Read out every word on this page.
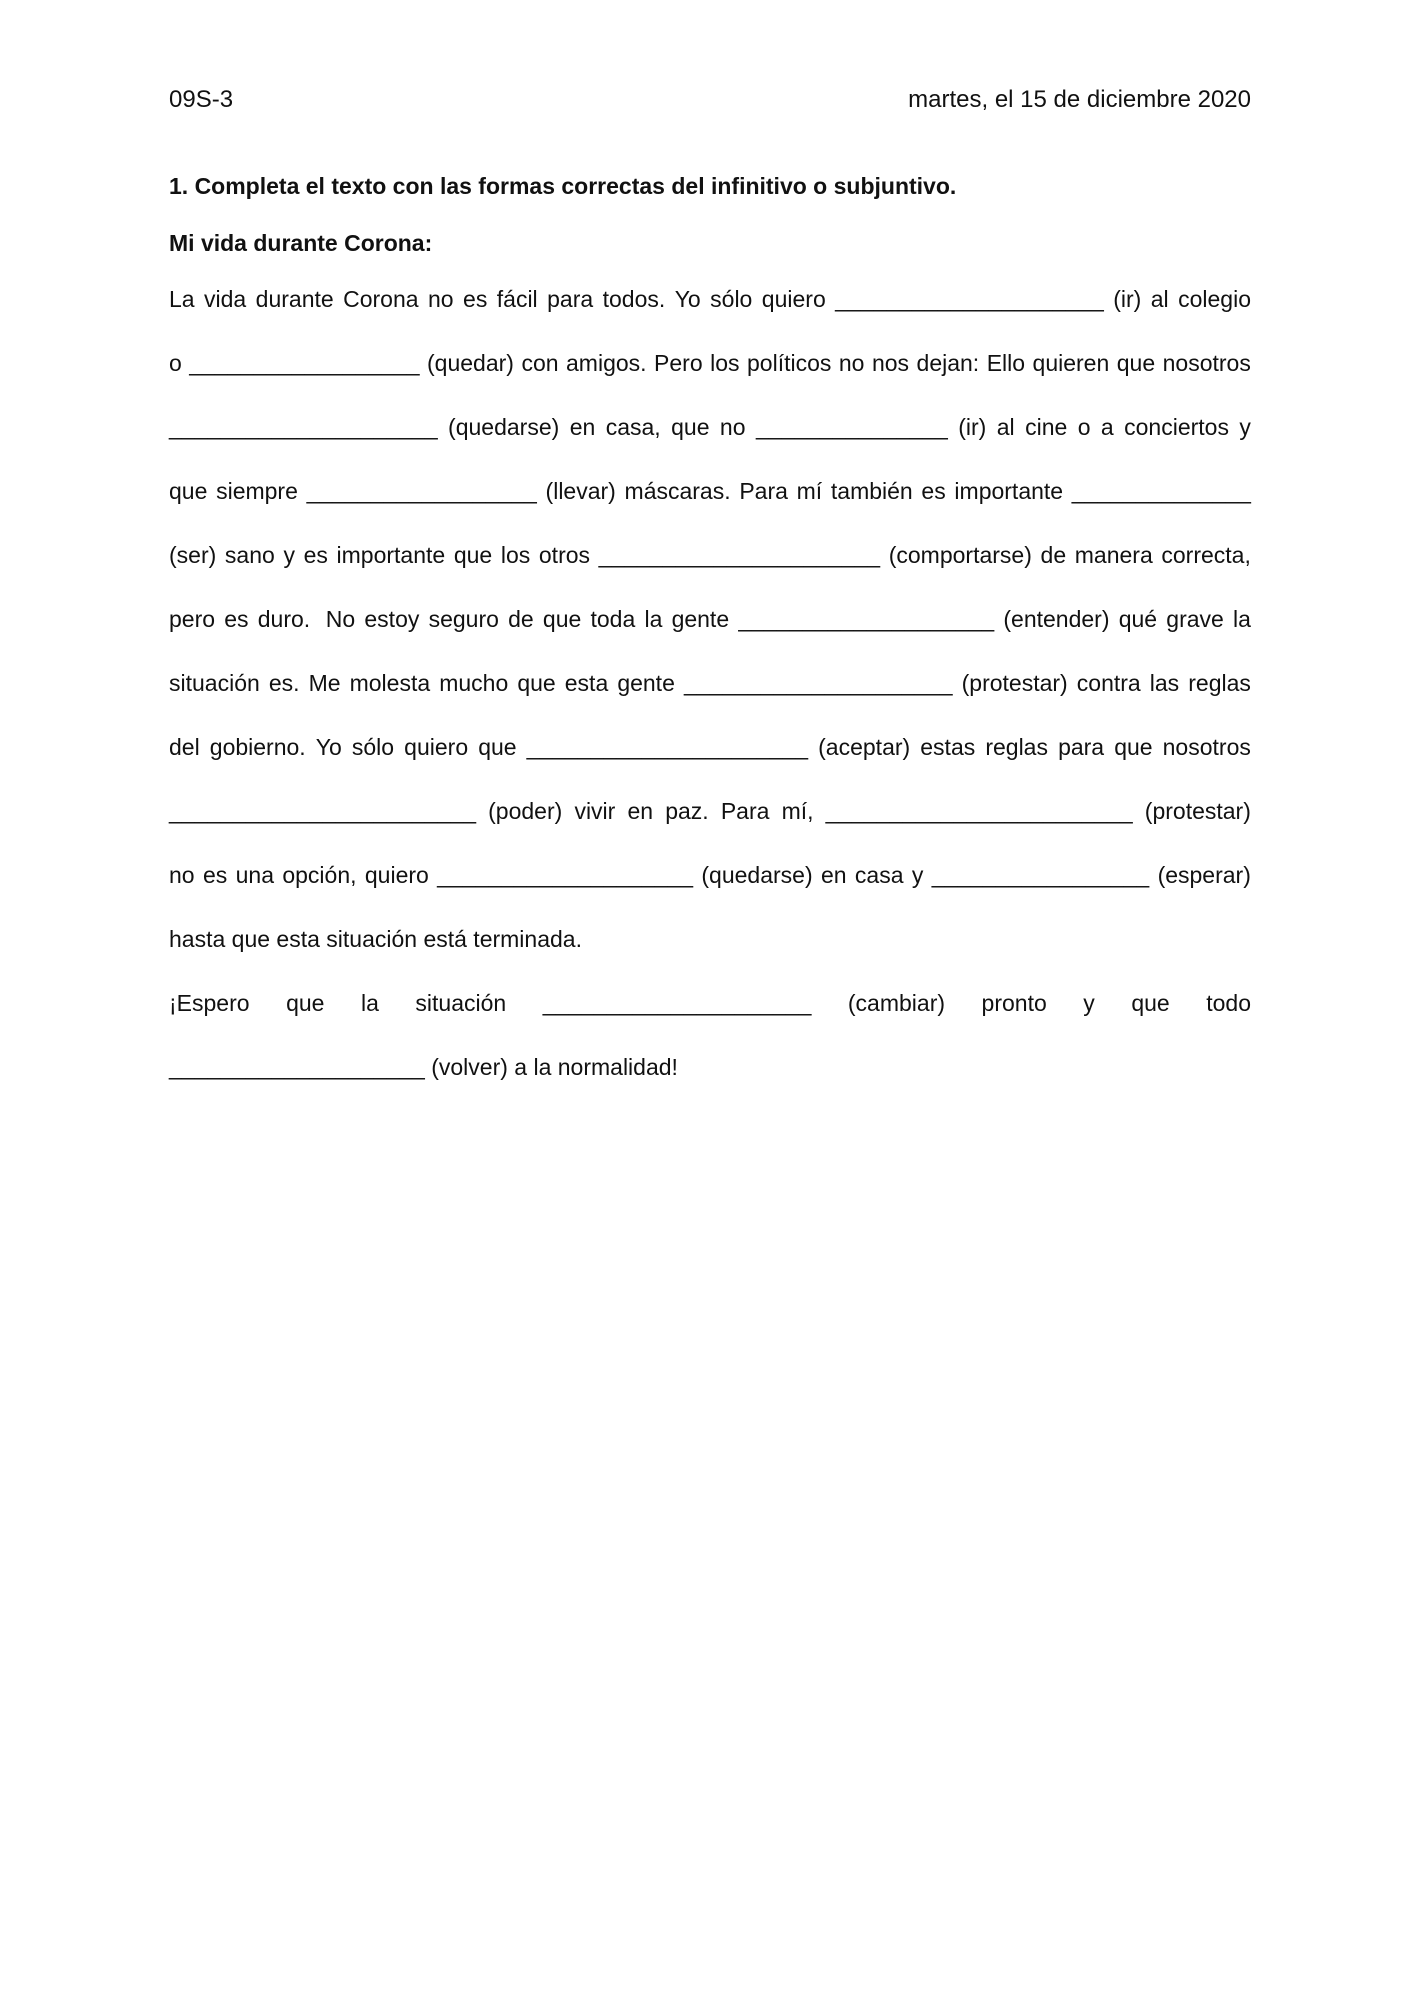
09S-3	martes, el 15 de diciembre 2020
1. Completa el texto con las formas correctas del infinitivo o subjuntivo.
Mi vida durante Corona:
La vida durante Corona no es fácil para todos. Yo sólo quiero _____________________ (ir) al colegio
o __________________ (quedar) con amigos. Pero los políticos no nos dejan: Ello quieren que nosotros
_____________________ (quedarse) en casa, que no _______________ (ir) al cine o a conciertos y
que siempre __________________ (llevar) máscaras. Para mí también es importante ______________
(ser) sano y es importante que los otros ______________________ (comportarse) de manera correcta,
pero es duro. No estoy seguro de que toda la gente ____________________ (entender) qué grave la
situación es. Me molesta mucho que esta gente _____________________ (protestar) contra las reglas
del gobierno. Yo sólo quiero que ______________________ (aceptar) estas reglas para que nosotros
________________________ (poder) vivir en paz. Para mí, ________________________ (protestar)
no es una opción, quiero ____________________ (quedarse) en casa y _________________ (esperar)
hasta que esta situación está terminada.
¡Espero que la situación _____________________ (cambiar) pronto y que todo
____________________ (volver) a la normalidad!
